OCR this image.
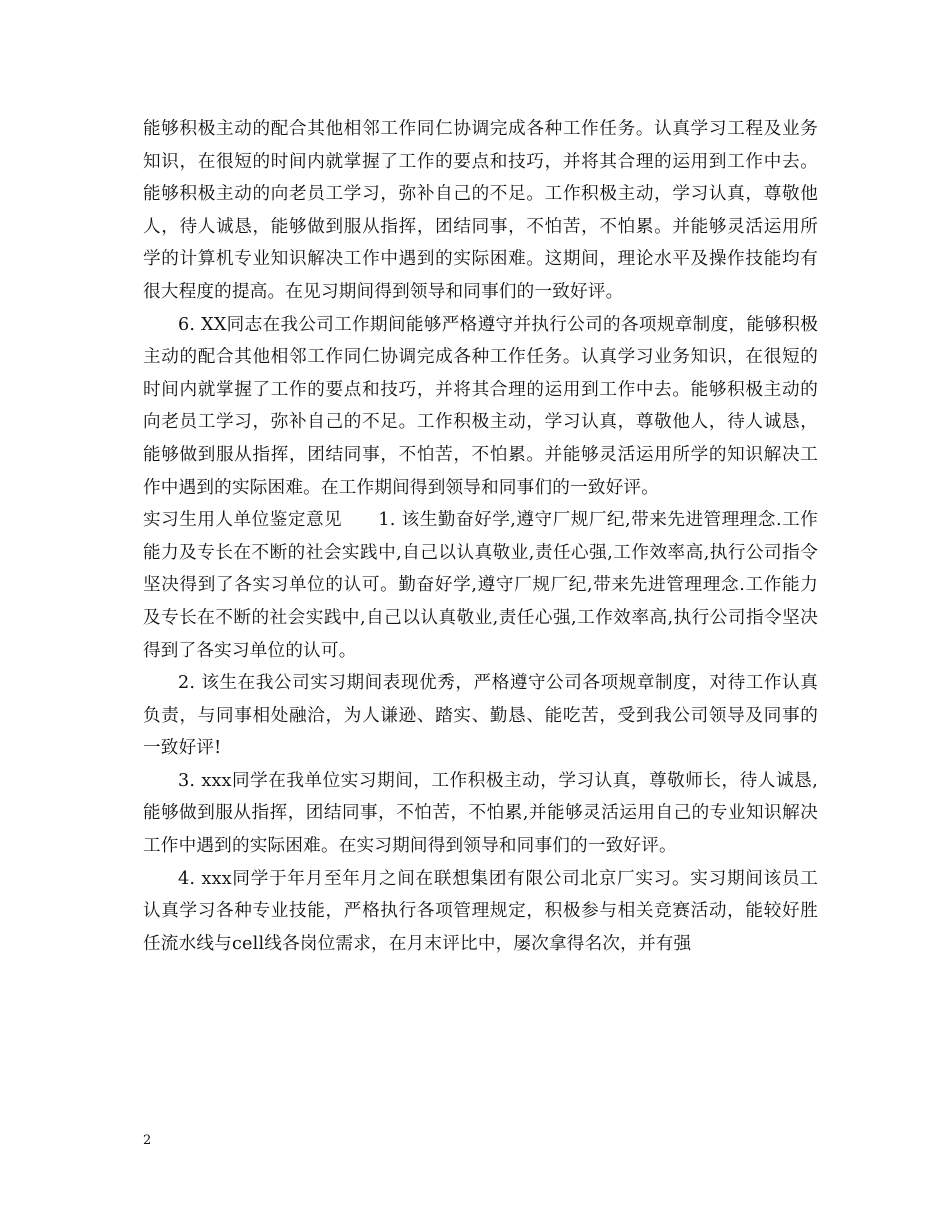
能够积极主动的配合其他相邻工作同仁协调完成各种工作任务。认真学习工程及业务知识，在很短的时间内就掌握了工作的要点和技巧，并将其合理的运用到工作中去。能够积极主动的向老员工学习，弥补自己的不足。工作积极主动，学习认真，尊敬他人，待人诚恳，能够做到服从指挥，团结同事，不怕苦，不怕累。并能够灵活运用所学的计算机专业知识解决工作中遇到的实际困难。这期间，理论水平及操作技能均有很大程度的提高。在见习期间得到领导和同事们的一致好评。

6. XX同志在我公司工作期间能够严格遵守并执行公司的各项规章制度，能够积极主动的配合其他相邻工作同仁协调完成各种工作任务。认真学习业务知识，在很短的时间内就掌握了工作的要点和技巧，并将其合理的运用到工作中去。能够积极主动的向老员工学习，弥补自己的不足。工作积极主动，学习认真，尊敬他人，待人诚恳，能够做到服从指挥，团结同事，不怕苦，不怕累。并能够灵活运用所学的知识解决工作中遇到的实际困难。在工作期间得到领导和同事们的一致好评。

实习生用人单位鉴定意见　　1. 该生勤奋好学,遵守厂规厂纪,带来先进管理理念.工作能力及专长在不断的社会实践中,自己以认真敬业,责任心强,工作效率高,执行公司指令坚决得到了各实习单位的认可。勤奋好学,遵守厂规厂纪,带来先进管理理念.工作能力及专长在不断的社会实践中,自己以认真敬业,责任心强,工作效率高,执行公司指令坚决得到了各实习单位的认可。

2. 该生在我公司实习期间表现优秀，严格遵守公司各项规章制度，对待工作认真负责，与同事相处融洽，为人谦逊、踏实、勤恳、能吃苦，受到我公司领导及同事的一致好评!

3. xxx同学在我单位实习期间，工作积极主动，学习认真，尊敬师长，待人诚恳,能够做到服从指挥，团结同事，不怕苦，不怕累,并能够灵活运用自己的专业知识解决工作中遇到的实际困难。在实习期间得到领导和同事们的一致好评。

4. xxx同学于年月至年月之间在联想集团有限公司北京厂实习。实习期间该员工认真学习各种专业技能，严格执行各项管理规定，积极参与相关竞赛活动，能较好胜任流水线与cell线各岗位需求，在月末评比中，屡次拿得名次，并有强

2
